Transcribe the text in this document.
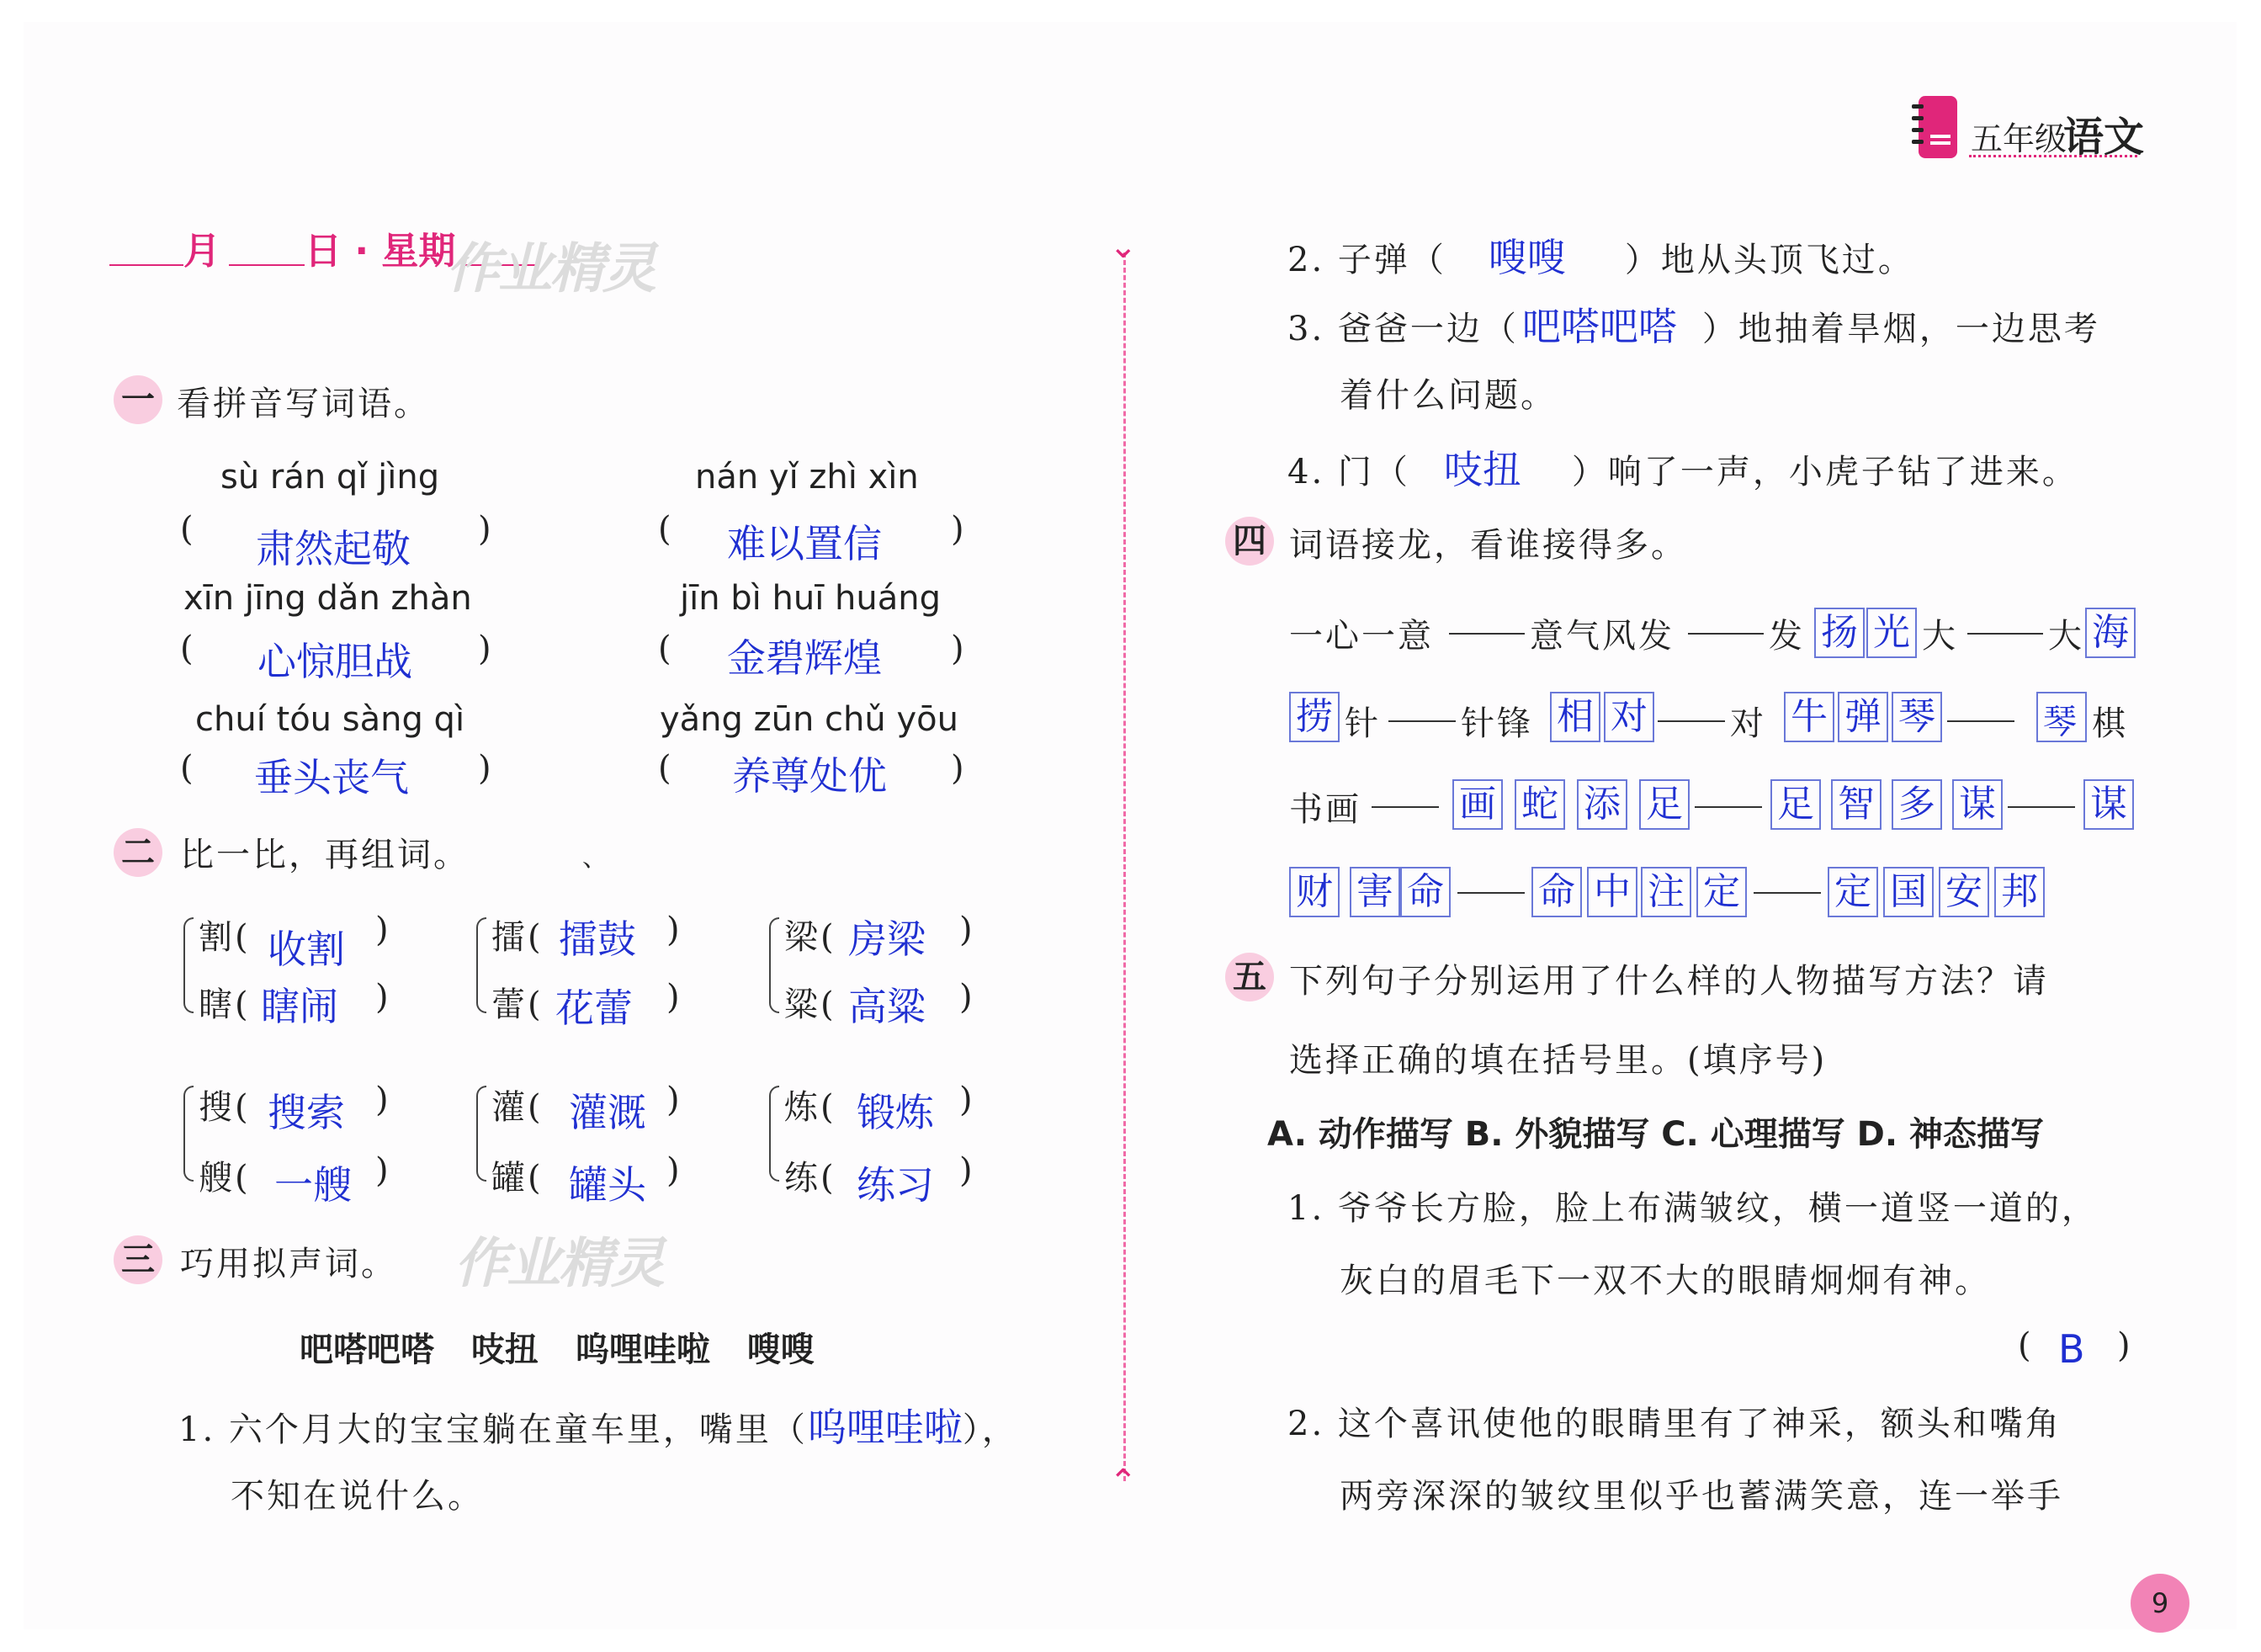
五年级
语文
月 日 · 星期
作业精灵	⌄
⌃
一 看拼音写词语。
sù rán qǐ jìng	nán yǐ zhì xìn
( 肃然起敬 )	( 难以置信 )
xīn jīng dǎn zhàn	jīn bì huī huáng
( 心惊胆战 )	( 金碧辉煌 )
chuí tóu sàng qì	yǎng zūn chǔ yōu
( 垂头丧气 )	( 养尊处优 )
二 比一比，再组词。	、
割( 收割 )
瞎( 瞎闹 )
擂( 擂鼓 )
蕾( 花蕾 )
梁( 房梁 )
粱( 高粱 )
搜( 搜索 )
艘( 一艘 )
灌( 灌溉 )
罐( 罐头 )
炼( 锻炼 )
练( 练习 )
三 巧用拟声词。 作业精灵
吧嗒吧嗒 吱扭 呜哩哇啦 嗖嗖
1. 六个月大的宝宝躺在童车里，嘴里（呜哩哇啦），
不知在说什么。
2. 子弹（ 嗖嗖 ）地从头顶飞过。
3. 爸爸一边（吧嗒吧嗒 ）地抽着旱烟，一边思考
着什么问题。
4. 门（ 吱扭 ）响了一声，小虎子钻了进来。
四 词语接龙，看谁接得多。
一心一意	意气风发	发 扬 光 大	大 海
捞 针 针锋 相 对 对 牛 弹 琴	琴 棋
书画	画 蛇 添 足	足 智 多 谋	谋
财 害 命	命 中 注 定	定 国 安 邦
五 下列句子分别运用了什么样的人物描写方法？请
选择正确的填在括号里。(填序号)
A. 动作描写 B. 外貌描写 C. 心理描写 D. 神态描写
1. 爷爷长方脸，脸上布满皱纹，横一道竖一道的，
灰白的眉毛下一双不大的眼睛炯炯有神。
( B )
2. 这个喜讯使他的眼睛里有了神采，额头和嘴角
两旁深深的皱纹里似乎也蓄满笑意，连一举手
9
